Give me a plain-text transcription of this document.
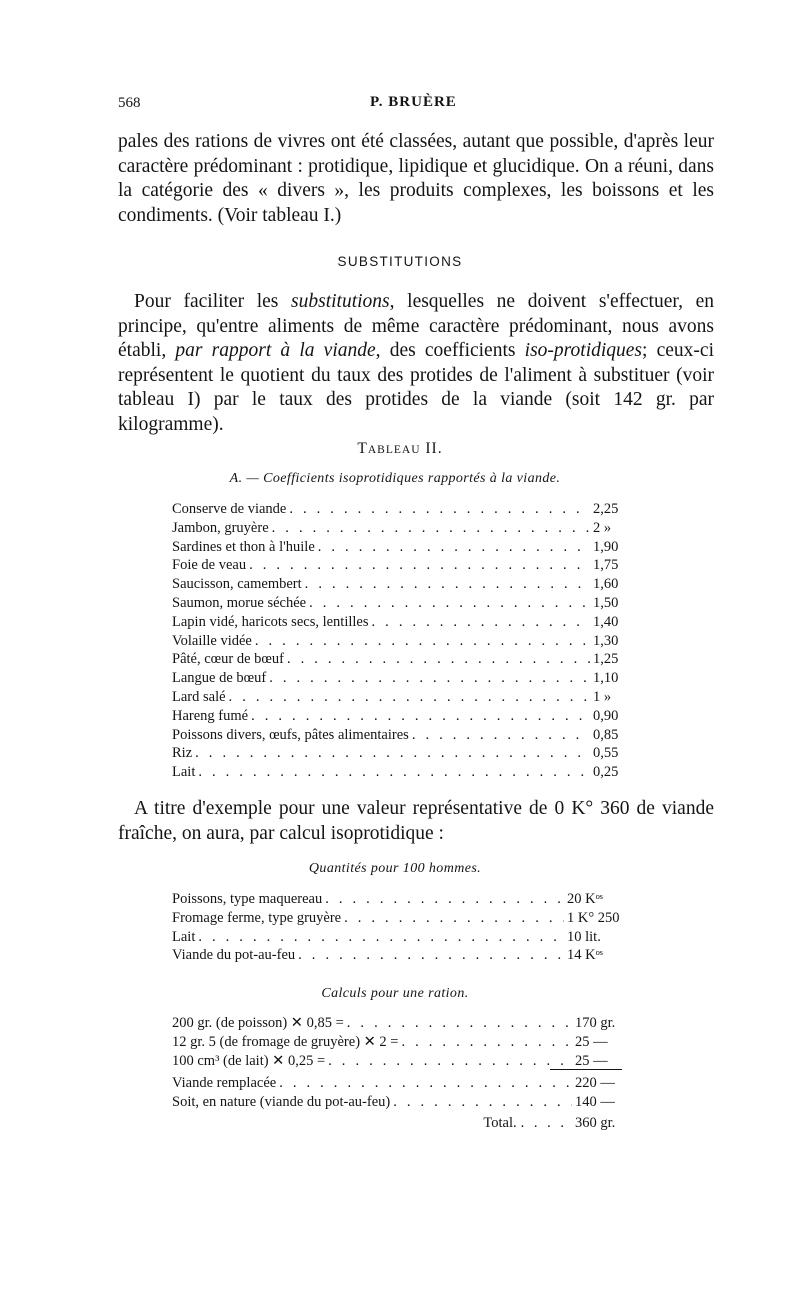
568	P. BRUÈRE

pales des rations de vivres ont été classées, autant que possible, d'après leur caractère prédominant : protidique, lipidique et glucidique. On a réuni, dans la catégorie des « divers », les produits complexes, les boissons et les condiments. (Voir tableau I.)

SUBSTITUTIONS

Pour faciliter les substitutions, lesquelles ne doivent s'effectuer, en principe, qu'entre aliments de même caractère prédominant, nous avons établi, par rapport à la viande, des coefficients iso-protidiques; ceux-ci représentent le quotient du taux des protides de l'aliment à substituer (voir tableau I) par le taux des protides de la viande (soit 142 gr. par kilogramme).

TABLEAU II.
A. — Coefficients isoprotidiques rapportés à la viande.
Conserve de viande . . .	2,25
Jambon, gruyère . . .	2 »
Sardines et thon à l'huile . . .	1,90
Foie de veau . . .	1,75
Saucisson, camembert . . .	1,60
Saumon, morue séchée . . .	1,50
Lapin vidé, haricots secs, lentilles . . .	1,40
Volaille vidée . . .	1,30
Pâté, cœur de bœuf . . .	1,25
Langue de bœuf . . .	1,10
Lard salé . . .	1 »
Hareng fumé . . .	0,90
Poissons divers, œufs, pâtes alimentaires . . .	0,85
Riz . . .	0,55
Lait . . .	0,25

A titre d'exemple pour une valeur représentative de 0 K° 360 de viande fraîche, on aura, par calcul isoprotidique :

Quantités pour 100 hommes.
Poissons, type maquereau . . .	20 Kᵒˢ
Fromage ferme, type gruyère . . .	1 K° 250
Lait . . .	10 lit.
Viande du pot-au-feu . . .	14 Kᵒˢ
Calculs pour une ration.
200 gr. (de poisson) ✕ 0,85 = . . .	170 gr.
12 gr. 5 (de fromage de gruyère) ✕ 2 = . . .	25 —
100 cm³ (de lait) ✕ 0,25 = . . .	25 —
Viande remplacée . . .	220 —
Soit, en nature (viande du pot-au-feu) . . .	140 —
Total. . . . . 360 gr.
